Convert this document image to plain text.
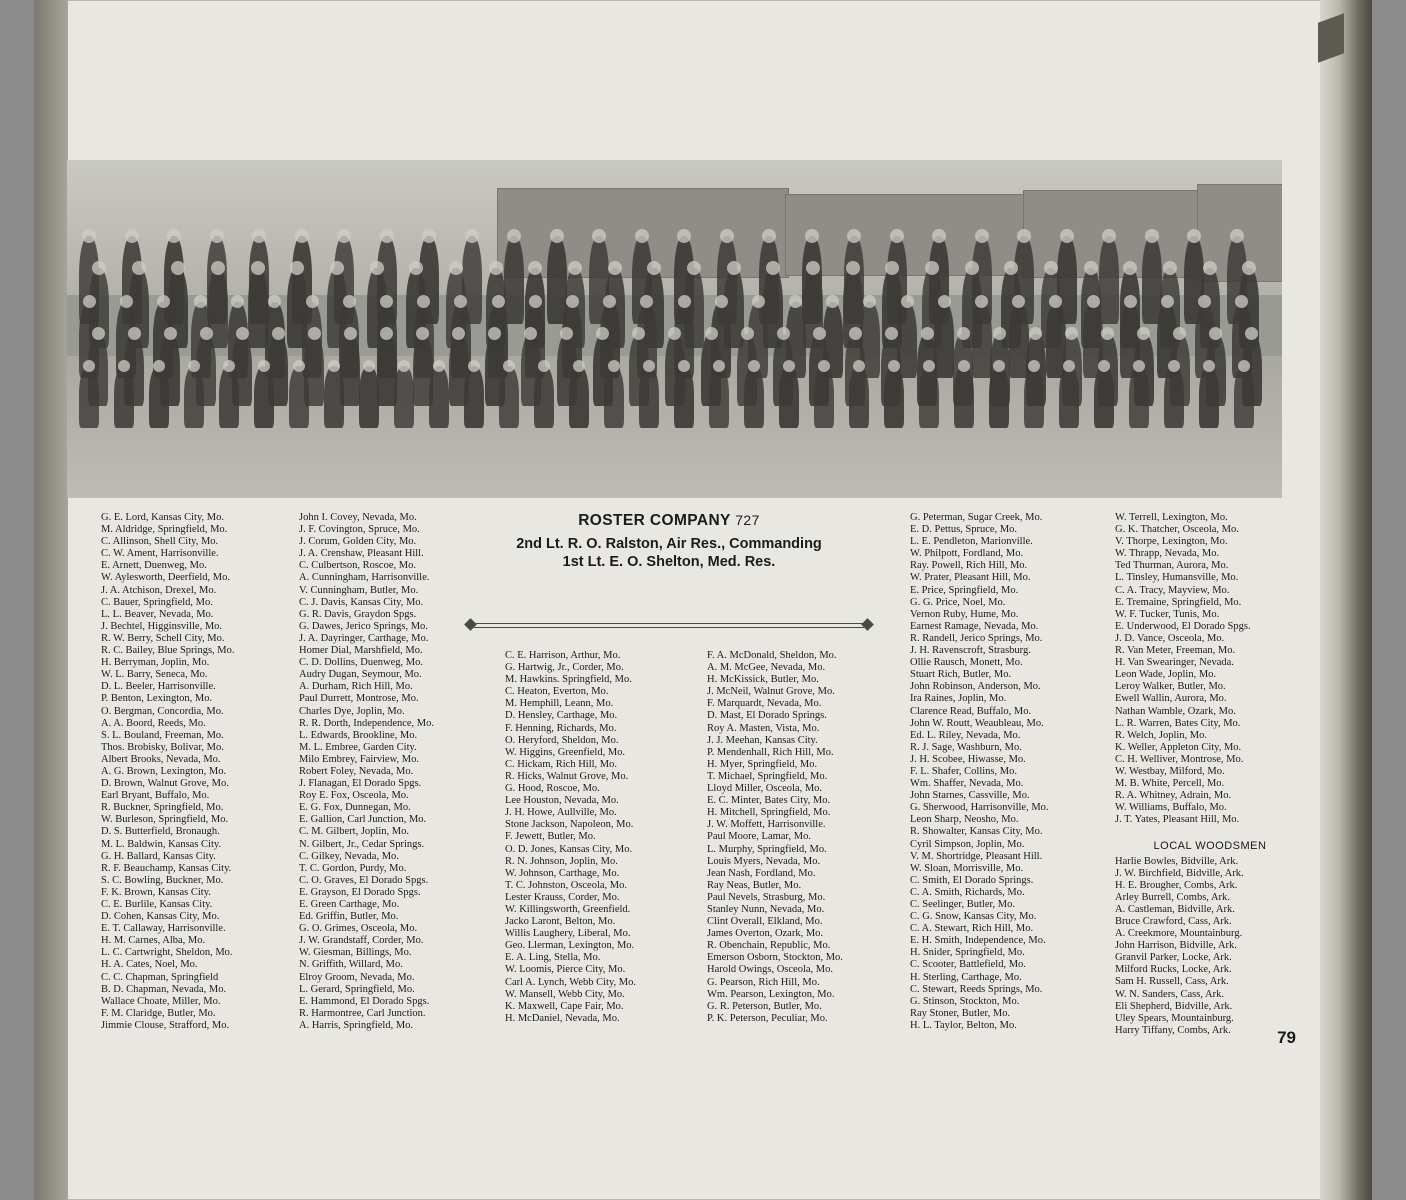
ROSTER COMPANY 727
2nd Lt. R. O. Ralston, Air Res., Commanding
1st Lt. E. O. Shelton, Med. Res.
G. E. Lord, Kansas City, Mo.
M. Aldridge, Springfield, Mo.
C. Allinson, Shell City, Mo.
C. W. Ament, Harrisonville.
E. Arnett, Duenweg, Mo.
W. Aylesworth, Deerfield, Mo.
J. A. Atchison, Drexel, Mo.
C. Bauer, Springfield, Mo.
L. L. Beaver, Nevada, Mo.
J. Bechtel, Higginsville, Mo.
R. W. Berry, Schell City, Mo.
R. C. Bailey, Blue Springs, Mo.
H. Berryman, Joplin, Mo.
W. L. Barry, Seneca, Mo.
D. L. Beeler, Harrisonville.
P. Benton, Lexington, Mo.
O. Bergman, Concordia, Mo.
A. A. Boord, Reeds, Mo.
S. L. Bouland, Freeman, Mo.
Thos. Brobisky, Bolivar, Mo.
Albert Brooks, Nevada, Mo.
A. G. Brown, Lexington, Mo.
D. Brown, Walnut Grove, Mo.
Earl Bryant, Buffalo, Mo.
R. Buckner, Springfield, Mo.
W. Burleson, Springfield, Mo.
D. S. Butterfield, Bronaugh.
M. L. Baldwin, Kansas City.
G. H. Ballard, Kansas City.
R. F. Beauchamp, Kansas City.
S. C. Bowling, Buckner, Mo.
F. K. Brown, Kansas City.
C. E. Burlile, Kansas City.
D. Cohen, Kansas City, Mo.
E. T. Callaway, Harrisonville.
H. M. Carnes, Alba, Mo.
L. C. Cartwright, Sheldon, Mo.
H. A. Cates, Noel, Mo.
C. C. Chapman, Springfield
B. D. Chapman, Nevada, Mo.
Wallace Choate, Miller, Mo.
F. M. Claridge, Butler, Mo.
Jimmie Clouse, Strafford, Mo.
John I. Covey, Nevada, Mo.
J. F. Covington, Spruce, Mo.
J. Corum, Golden City, Mo.
J. A. Crenshaw, Pleasant Hill.
C. Culbertson, Roscoe, Mo.
A. Cunningham, Harrisonville.
V. Cunningham, Butler, Mo.
C. J. Davis, Kansas City, Mo.
G. R. Davis, Graydon Spgs.
G. Dawes, Jerico Springs, Mo.
J. A. Dayringer, Carthage, Mo.
Homer Dial, Marshfield, Mo.
C. D. Dollins, Duenweg, Mo.
Audry Dugan, Seymour, Mo.
A. Durham, Rich Hill, Mo.
Paul Durrett, Montrose, Mo.
Charles Dye, Joplin, Mo.
R. R. Dorth, Independence, Mo.
L. Edwards, Brookline, Mo.
M. L. Embree, Garden City.
Milo Embrey, Fairview, Mo.
Robert Foley, Nevada, Mo.
J. Flanagan, El Dorado Spgs.
Roy E. Fox, Osceola, Mo.
E. G. Fox, Dunnegan, Mo.
E. Gallion, Carl Junction, Mo.
C. M. Gilbert, Joplin, Mo.
N. Gilbert, Jr., Cedar Springs.
C. Gilkey, Nevada, Mo.
T. C. Gordon, Purdy, Mo.
C. O. Graves, El Dorado Spgs.
E. Grayson, El Dorado Spgs.
E. Green Carthage, Mo.
Ed. Griffin, Butler, Mo.
G. O. Grimes, Osceola, Mo.
J. W. Grandstaff, Corder, Mo.
W. Giesman, Billings, Mo.
N. Griffith, Willard, Mo.
Elroy Groom, Nevada, Mo.
L. Gerard, Springfield, Mo.
E. Hammond, El Dorado Spgs.
R. Harmontree, Carl Junction.
A. Harris, Springfield, Mo.
C. E. Harrison, Arthur, Mo.
G. Hartwig, Jr., Corder, Mo.
M. Hawkins. Springfield, Mo.
C. Heaton, Everton, Mo.
M. Hemphill, Leann, Mo.
D. Hensley, Carthage, Mo.
F. Henning, Richards, Mo.
O. Heryford, Sheldon, Mo.
W. Higgins, Greenfield, Mo.
C. Hickam, Rich Hill, Mo.
R. Hicks, Walnut Grove, Mo.
G. Hood, Roscoe, Mo.
Lee Houston, Nevada, Mo.
J. H. Howe, Aullville, Mo.
Stone Jackson, Napoleon, Mo.
F. Jewett, Butler, Mo.
O. D. Jones, Kansas City, Mo.
R. N. Johnson, Joplin, Mo.
W. Johnson, Carthage, Mo.
T. C. Johnston, Osceola, Mo.
Lester Krauss, Corder, Mo.
W. Killingsworth, Greenfield.
Jacko Laront, Belton, Mo.
Willis Laughery, Liberal, Mo.
Geo. Llerman, Lexington, Mo.
E. A. Ling, Stella, Mo.
W. Loomis, Pierce City, Mo.
Carl A. Lynch, Webb City, Mo.
W. Mansell, Webb City, Mo.
K. Maxwell, Cape Fair, Mo.
H. McDaniel, Nevada, Mo.
F. A. McDonald, Sheldon, Mo.
A. M. McGee, Nevada, Mo.
H. McKissick, Butler, Mo.
J. McNeil, Walnut Grove, Mo.
F. Marquardt, Nevada, Mo.
D. Mast, El Dorado Springs.
Roy A. Masten, Vista, Mo.
J. J. Meehan, Kansas City.
P. Mendenhall, Rich Hill, Mo.
H. Myer, Springfield, Mo.
T. Michael, Springfield, Mo.
Lloyd Miller, Osceola, Mo.
E. C. Minter, Bates City, Mo.
H. Mitchell, Springfield, Mo.
J. W. Moffett, Harrisonville.
Paul Moore, Lamar, Mo.
L. Murphy, Springfield, Mo.
Louis Myers, Nevada, Mo.
Jean Nash, Fordland, Mo.
Ray Neas, Butler, Mo.
Paul Nevels, Strasburg, Mo.
Stanley Nunn, Nevada, Mo.
Clint Overall, Elkland, Mo.
James Overton, Ozark, Mo.
R. Obenchain, Republic, Mo.
Emerson Osborn, Stockton, Mo.
Harold Owings, Osceola, Mo.
G. Pearson, Rich Hill, Mo.
Wm. Pearson, Lexington, Mo.
G. R. Peterson, Butler, Mo.
P. K. Peterson, Peculiar, Mo.
G. Peterman, Sugar Creek, Mo.
E. D. Pettus, Spruce, Mo.
L. E. Pendleton, Marionville.
W. Philpott, Fordland, Mo.
Ray. Powell, Rich Hill, Mo.
W. Prater, Pleasant Hill, Mo.
E. Price, Springfield, Mo.
G. G. Price, Noel, Mo.
Vernon Ruby, Hume, Mo.
Earnest Ramage, Nevada, Mo.
R. Randell, Jerico Springs, Mo.
J. H. Ravenscroft, Strasburg.
Ollie Rausch, Monett, Mo.
Stuart Rich, Butler, Mo.
John Robinson, Anderson, Mo.
Ira Raines, Joplin, Mo.
Clarence Read, Buffalo, Mo.
John W. Routt, Weaubleau, Mo.
Ed. L. Riley, Nevada, Mo.
R. J. Sage, Washburn, Mo.
J. H. Scobee, Hiwasse, Mo.
F. L. Shafer, Collins, Mo.
Wm. Shaffer, Nevada, Mo.
John Starnes, Cassville, Mo.
G. Sherwood, Harrisonville, Mo.
Leon Sharp, Neosho, Mo.
R. Showalter, Kansas City, Mo.
Cyril Simpson, Joplin, Mo.
V. M. Shortridge, Pleasant Hill.
W. Sloan, Morrisville, Mo.
C. Smith, El Dorado Springs.
C. A. Smith, Richards, Mo.
C. Seelinger, Butler, Mo.
C. G. Snow, Kansas City, Mo.
C. A. Stewart, Rich Hill, Mo.
E. H. Smith, Independence, Mo.
H. Snider, Springfield, Mo.
C. Scooter, Battlefield, Mo.
H. Sterling, Carthage, Mo.
C. Stewart, Reeds Springs, Mo.
G. Stinson, Stockton, Mo.
Ray Stoner, Butler, Mo.
H. L. Taylor, Belton, Mo.
W. Terrell, Lexington, Mo.
G. K. Thatcher, Osceola, Mo.
V. Thorpe, Lexington, Mo.
W. Thrapp, Nevada, Mo.
Ted Thurman, Aurora, Mo.
L. Tinsley, Humansville, Mo.
C. A. Tracy, Mayview, Mo.
E. Tremaine, Springfield, Mo.
W. F. Tucker, Tunis, Mo.
E. Underwood, El Dorado Spgs.
J. D. Vance, Osceola, Mo.
R. Van Meter, Freeman, Mo.
H. Van Swearinger, Nevada.
Leon Wade, Joplin, Mo.
Leroy Walker, Butler, Mo.
Ewell Wallin, Aurora, Mo.
Nathan Wamble, Ozark, Mo.
L. R. Warren, Bates City, Mo.
R. Welch, Joplin, Mo.
K. Weller, Appleton City, Mo.
C. H. Welliver, Montrose, Mo.
W. Westbay, Milford, Mo.
M. B. White, Percell, Mo.
R. A. Whitney, Adrain, Mo.
W. Williams, Buffalo, Mo.
J. T. Yates, Pleasant Hill, Mo.
LOCAL WOODSMEN
Harlie Bowles, Bidville, Ark.
J. W. Birchfield, Bidville, Ark.
H. E. Brougher, Combs, Ark.
Arley Burrell, Combs, Ark.
A. Castleman, Bidville, Ark.
Bruce Crawford, Cass, Ark.
A. Creekmore, Mountainburg.
John Harrison, Bidville, Ark.
Granvil Parker, Locke, Ark.
Milford Rucks, Locke, Ark.
Sam H. Russell, Cass, Ark.
W. N. Sanders, Cass, Ark.
Eli Shepherd, Bidville, Ark.
Uley Spears, Mountainburg.
Harry Tiffany, Combs, Ark.	79
